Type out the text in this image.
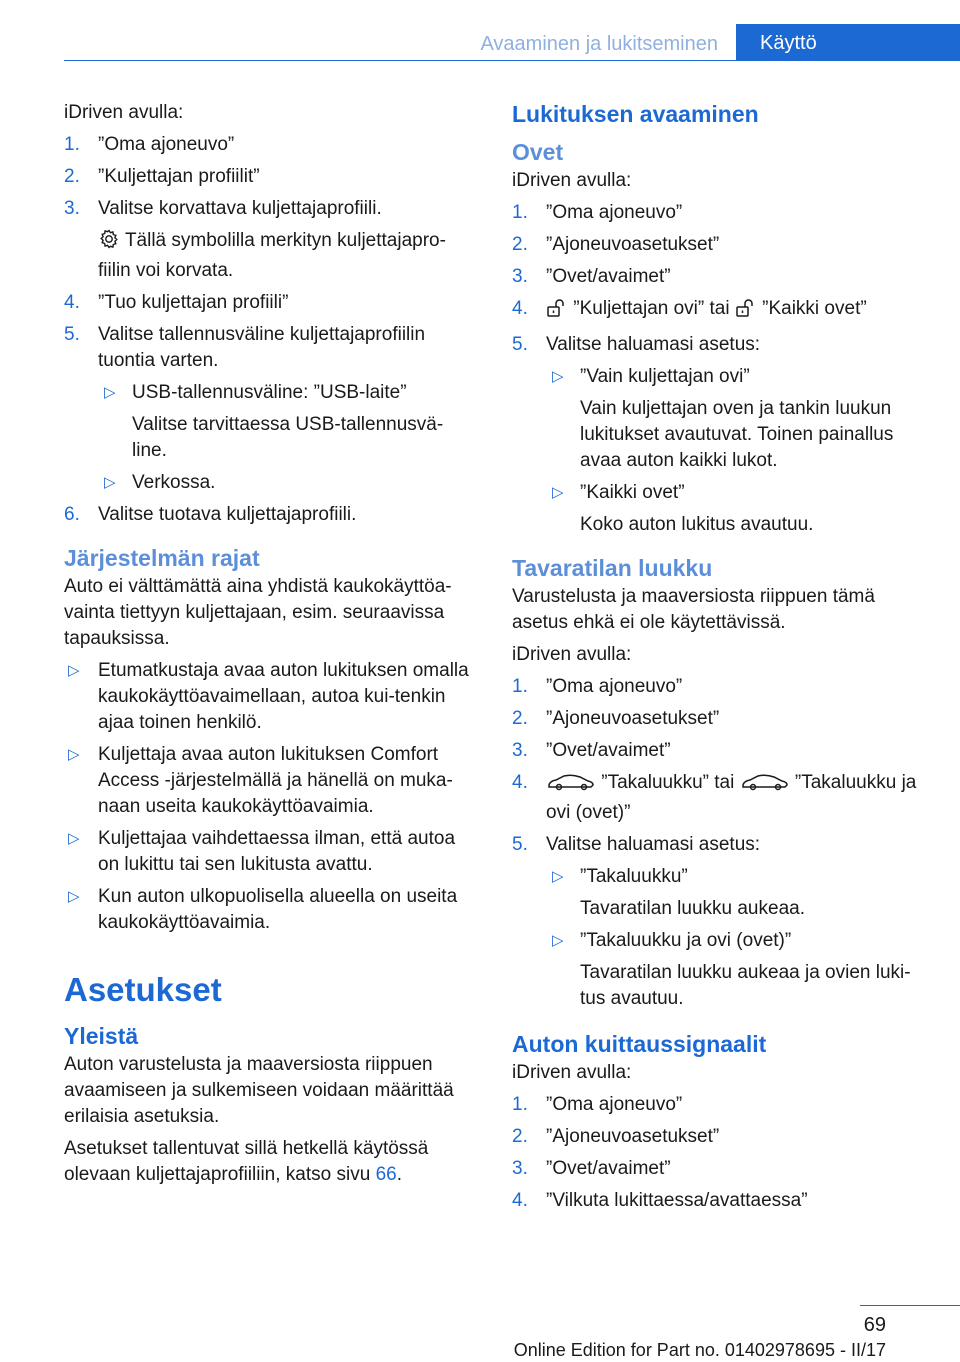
Avaaminen ja lukitseminen	Käyttö

iDriven avulla:

1. ”Oma ajoneuvo”
2. ”Kuljettajan profiilit”
3. Valitse korvattava kuljettajaprofiili.
Tällä symbolilla merkityn kuljettajapro-fiilin voi korvata.
4. ”Tuo kuljettajan profiili”
5. Valitse tallennusväline kuljettajaprofiilin tuontia varten.
▷ USB-tallennusväline: ”USB-laite”
Valitse tarvittaessa USB-tallennusvä-line.
▷ Verkossa.
6. Valitse tuotava kuljettajaprofiili.
Järjestelmän rajat

Auto ei välttämättä aina yhdistä kaukokäyttöa-vainta tiettyyn kuljettajaan, esim. seuraavissa tapauksissa.

▷ Etumatkustaja avaa auton lukituksen omalla kaukokäyttöavaimellaan, autoa kui-tenkin ajaa toinen henkilö.
▷ Kuljettaja avaa auton lukituksen Comfort Access -järjestelmällä ja hänellä on muka-naan useita kaukokäyttöavaimia.
▷ Kuljettajaa vaihdettaessa ilman, että autoa on lukittu tai sen lukitusta avattu.
▷ Kun auton ulkopuolisella alueella on useita kaukokäyttöavaimia.
Asetukset
Yleistä

Auton varustelusta ja maaversiosta riippuen avaamiseen ja sulkemiseen voidaan määrittää erilaisia asetuksia.

Asetukset tallentuvat sillä hetkellä käytössä olevaan kuljettajaprofiiliin, katso sivu 66.

Lukituksen avaaminen
Ovet

iDriven avulla:

1. ”Oma ajoneuvo”
2. ”Ajoneuvoasetukset”
3. ”Ovet/avaimet”
4. ”Kuljettajan ovi” tai ”Kaikki ovet”
5. Valitse haluamasi asetus:
▷ ”Vain kuljettajan ovi”
Vain kuljettajan oven ja tankin luukun lukitukset avautuvat. Toinen painallus avaa auton kaikki lukot.
▷ ”Kaikki ovet”
Koko auton lukitus avautuu.
Tavaratilan luukku

Varustelusta ja maaversiosta riippuen tämä asetus ehkä ei ole käytettävissä.

iDriven avulla:

1. ”Oma ajoneuvo”
2. ”Ajoneuvoasetukset”
3. ”Ovet/avaimet”
4.	”Takaluukku” tai	”Takaluukku ja ovi (ovet)”
5. Valitse haluamasi asetus:
▷ ”Takaluukku”
Tavaratilan luukku aukeaa.
▷ ”Takaluukku ja ovi (ovet)”
Tavaratilan luukku aukeaa ja ovien luki-tus avautuu.
Auton kuittaussignaalit

iDriven avulla:

1. ”Oma ajoneuvo”
2. ”Ajoneuvoasetukset”
3. ”Ovet/avaimet”
4. ”Vilkuta lukittaessa/avattaessa”
69
Online Edition for Part no. 01402978695 - II/17
